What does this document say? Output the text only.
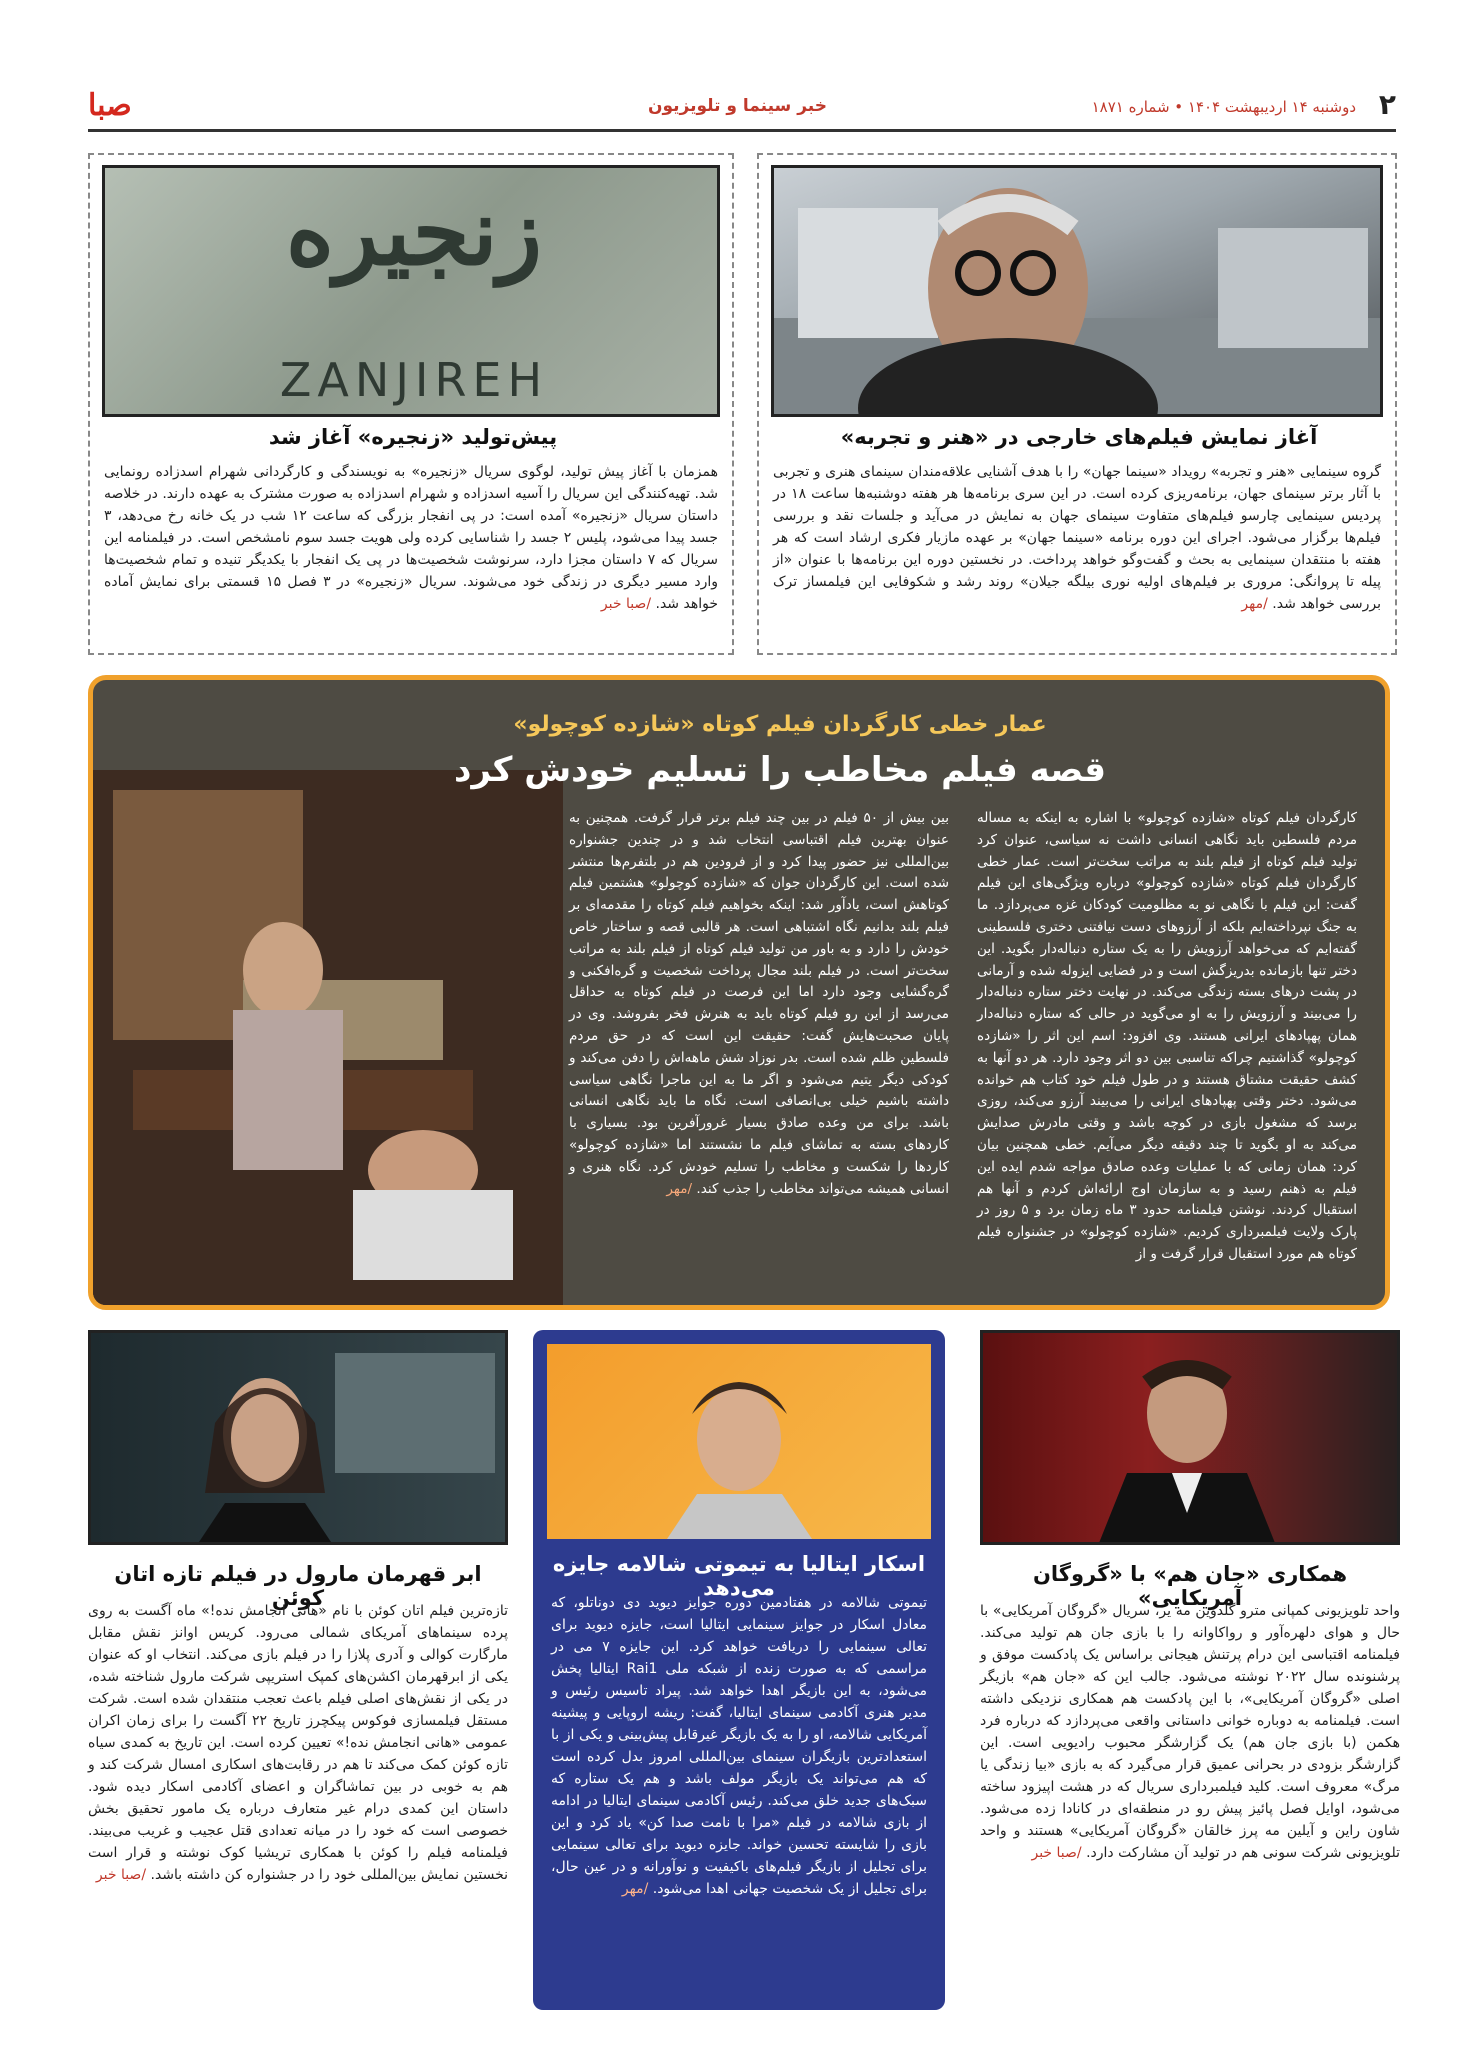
۲
دوشنبه ۱۴ اردیبهشت ۱۴۰۴ • شماره ۱۸۷۱
خبر سینما و تلویزیون
صبا
آغاز نمایش فیلم‌های خارجی در «هنر و تجربه»

گروه سینمایی «هنر و تجربه» رویداد «سینما جهان» را با هدف آشنایی علاقه‌مندان سینمای هنری و تجربی با آثار برتر سینمای جهان، برنامه‌ریزی کرده است. در این سری برنامه‌ها هر هفته دوشنبه‌ها ساعت ۱۸ در پردیس سینمایی چارسو فیلم‌های متفاوت سینمای جهان به نمایش در می‌آید و جلسات نقد و بررسی فیلم‌ها برگزار می‌شود. اجرای این دوره برنامه «سینما جهان» بر عهده مازیار فکری ارشاد است که هر هفته با منتقدان سینمایی به بحث و گفت‌وگو خواهد پرداخت. در نخستین دوره این برنامه‌ها با عنوان «از پیله تا پروانگی: مروری بر فیلم‌های اولیه نوری بیلگه جیلان» روند رشد و شکوفایی این فیلمساز ترک بررسی خواهد شد. /مهر

زنجیره
ZANJIREH
پیش‌تولید «زنجیره» آغاز شد

همزمان با آغاز پیش تولید، لوگوی سریال «زنجیره» به نویسندگی و کارگردانی شهرام اسدزاده رونمایی شد. تهیه‌کنندگی این سریال را آسیه اسدزاده و شهرام اسدزاده به صورت مشترک به عهده دارند. در خلاصه داستان سریال «زنجیره» آمده است: در پی انفجار بزرگی که ساعت ۱۲ شب در یک خانه رخ می‌دهد، ۳ جسد پیدا می‌شود، پلیس ۲ جسد را شناسایی کرده ولی هویت جسد سوم نامشخص است. در فیلمنامه این سریال که ۷ داستان مجزا دارد، سرنوشت شخصیت‌ها در پی یک انفجار با یکدیگر تنیده و تمام شخصیت‌ها وارد مسیر دیگری در زندگی خود می‌شوند. سریال «زنجیره» در ۳ فصل ۱۵ قسمتی برای نمایش آماده خواهد شد. /صبا خبر

عمار خطی کارگردان فیلم کوتاه «شازده کوچولو»
قصه فیلم مخاطب را تسلیم خودش کرد

کارگردان فیلم کوتاه «شازده کوچولو» با اشاره به اینکه به مساله مردم فلسطین باید نگاهی انسانی داشت نه سیاسی، عنوان کرد تولید فیلم کوتاه از فیلم بلند به مراتب سخت‌تر است. عمار خطی کارگردان فیلم کوتاه «شازده کوچولو» درباره ویژگی‌های این فیلم گفت: این فیلم با نگاهی نو به مظلومیت کودکان غزه می‌پردازد. ما به جنگ نپرداخته‌ایم بلکه از آرزوهای دست نیافتنی دختری فلسطینی گفته‌ایم که می‌خواهد آرزویش را به یک ستاره دنباله‌دار بگوید. این دختر تنها بازمانده بدریزگش است و در فضایی ایزوله شده و آرمانی در پشت درهای بسته زندگی می‌کند. در نهایت دختر ستاره دنباله‌دار را می‌بیند و آرزویش را به او می‌گوید در حالی که ستاره دنباله‌دار همان پهپادهای ایرانی هستند. وی افزود: اسم این اثر را «شازده کوچولو» گذاشتیم چراکه تناسبی بین دو اثر وجود دارد. هر دو آنها به کشف حقیقت مشتاق هستند و در طول فیلم خود کتاب هم خوانده می‌شود. دختر وقتی پهپادهای ایرانی را می‌بیند آرزو می‌کند، روزی برسد که مشغول بازی در کوچه باشد و وقتی مادرش صدایش می‌کند به او بگوید تا چند دقیقه دیگر می‌آیم. خطی همچنین بیان کرد: همان زمانی که با عملیات وعده صادق مواجه شدم ایده این فیلم به ذهنم رسید و به سازمان اوج ارائه‌اش کردم و آنها هم استقبال کردند. نوشتن فیلمنامه حدود ۳ ماه زمان برد و ۵ روز در پارک ولایت فیلمبرداری کردیم. «شازده کوچولو» در جشنواره فیلم کوتاه هم مورد استقبال قرار گرفت و از

بین بیش از ۵۰ فیلم در بین چند فیلم برتر قرار گرفت. همچنین به عنوان بهترین فیلم اقتباسی انتخاب شد و در چندین جشنواره بین‌المللی نیز حضور پیدا کرد و از فرودین هم در بلتفرم‌ها منتشر شده است. این کارگردان جوان که «شازده کوچولو» هشتمین فیلم کوتاهش است، یادآور شد: اینکه بخواهیم فیلم کوتاه را مقدمه‌ای بر فیلم بلند بدانیم نگاه اشتباهی است. هر قالبی قصه و ساختار خاص خودش را دارد و به باور من تولید فیلم کوتاه از فیلم بلند به مراتب سخت‌تر است. در فیلم بلند مجال پرداخت شخصیت و گره‌افکنی و گره‌گشایی وجود دارد اما این فرصت در فیلم کوتاه به حداقل می‌رسد از این رو فیلم کوتاه باید به هنرش فخر بفروشد. وی در پایان صحبت‌هایش گفت: حقیقت این است که در حق مردم فلسطین ظلم شده است. بدر نوزاد شش ماهه‌اش را دفن می‌کند و کودکی دیگر یتیم می‌شود و اگر ما به این ماجرا نگاهی سیاسی داشته باشیم خیلی بی‌انصافی است. نگاه ما باید نگاهی انسانی باشد. برای من وعده صادق بسیار غرورآفرین بود. بسیاری با کاردهای بسته به تماشای فیلم ما نشستند اما «شازده کوچولو» کاردها را شکست و مخاطب را تسلیم خودش کرد. نگاه هنری و انسانی همیشه می‌تواند مخاطب را جذب کند. /مهر

همکاری «جان هم» با «گروگان آمریکایی»

واحد تلویزیونی کمپانی مترو گلدوین مه یر، سریال «گروگان آمریکایی» با حال و هوای دلهره‌آور و رواکاوانه را با بازی جان هم تولید می‌کند. فیلمنامه اقتباسی این درام پرتنش هیجانی براساس یک پادکست موفق و پرشنونده سال ۲۰۲۲ نوشته می‌شود. جالب این که «جان هم» بازیگر اصلی «گروگان آمریکایی»، با این پادکست هم همکاری نزدیکی داشته است. فیلمنامه به دوباره خوانی داستانی واقعی می‌پردازد که درباره فرد هکمن (با بازی جان هم) یک گزارشگر محبوب رادیویی است. این گزارشگر بزودی در بحرانی عمیق قرار می‌گیرد که به بازی «بیا زندگی یا مرگ» معروف است. کلید فیلمبرداری سریال که در هشت اپیزود ساخته می‌شود، اوایل فصل پائیز پیش رو در منطقه‌ای در کانادا زده می‌شود. شاون راین و آیلین مه پرز خالقان «گروگان آمریکایی» هستند و واحد تلویزیونی شرکت سونی هم در تولید آن مشارکت دارد. /صبا خبر

اسکار ایتالیا به تیموتی شالامه جایزه می‌دهد

تیموتی شالامه در هفتادمین دوره جوایز دیوید دی دوناتلو، که معادل اسکار در جوایز سینمایی ایتالیا است، جایزه دیوید برای تعالی سینمایی را دریافت خواهد کرد. این جایزه ۷ می در مراسمی که به صورت زنده از شبکه ملی Rai1 ایتالیا پخش می‌شود، به این بازیگر اهدا خواهد شد. پیراد تاسیس رئیس و مدیر هنری آکادمی سینمای ایتالیا، گفت: ریشه اروپایی و پیشینه آمریکایی شالامه، او را به یک بازیگر غیرقابل پیش‌بینی و یکی از با استعدادترین بازیگران سینمای بین‌المللی امروز بدل کرده است که هم می‌تواند یک بازیگر مولف باشد و هم یک ستاره که سبک‌های جدید خلق می‌کند. رئیس آکادمی سینمای ایتالیا در ادامه از بازی شالامه در فیلم «مرا با نامت صدا کن» یاد کرد و این بازی را شایسته تحسین خواند. جایزه دیوید برای تعالی سینمایی برای تجلیل از بازیگر فیلم‌های باکیفیت و نوآورانه و در عین حال، برای تجلیل از یک شخصیت جهانی اهدا می‌شود. /مهر

ابر قهرمان مارول در فیلم تازه اتان کوئن

تازه‌ترین فیلم اتان کوئن با نام «هانی انجامش نده!» ماه آگست به روی پرده سینماهای آمریکای شمالی می‌رود. کریس اوانز نقش مقابل مارگارت کوالی و آدری پلازا را در فیلم بازی می‌کند. انتخاب او که عنوان یکی از ابرقهرمان اکشن‌های کمپک استریپی شرکت مارول شناخته شده، در یکی از نقش‌های اصلی فیلم باعث تعجب منتقدان شده است. شرکت مستقل فیلمسازی فوکوس پیکچرز تاریخ ۲۲ آگست را برای زمان اکران عمومی «هانی انجامش نده!» تعیین کرده است. این تاریخ به کمدی سیاه تازه کوئن کمک می‌کند تا هم در رقابت‌های اسکاری امسال شرکت کند و هم به خوبی در بین تماشاگران و اعضای آکادمی اسکار دیده شود. داستان این کمدی درام غیر متعارف درباره یک مامور تحقیق بخش خصوصی است که خود را در میانه تعدادی قتل عجیب و غریب می‌بیند. فیلمنامه فیلم را کوئن با همکاری تریشیا کوک نوشته و قرار است نخستین نمایش بین‌المللی خود را در جشنواره کن داشته باشد. /صبا خبر
